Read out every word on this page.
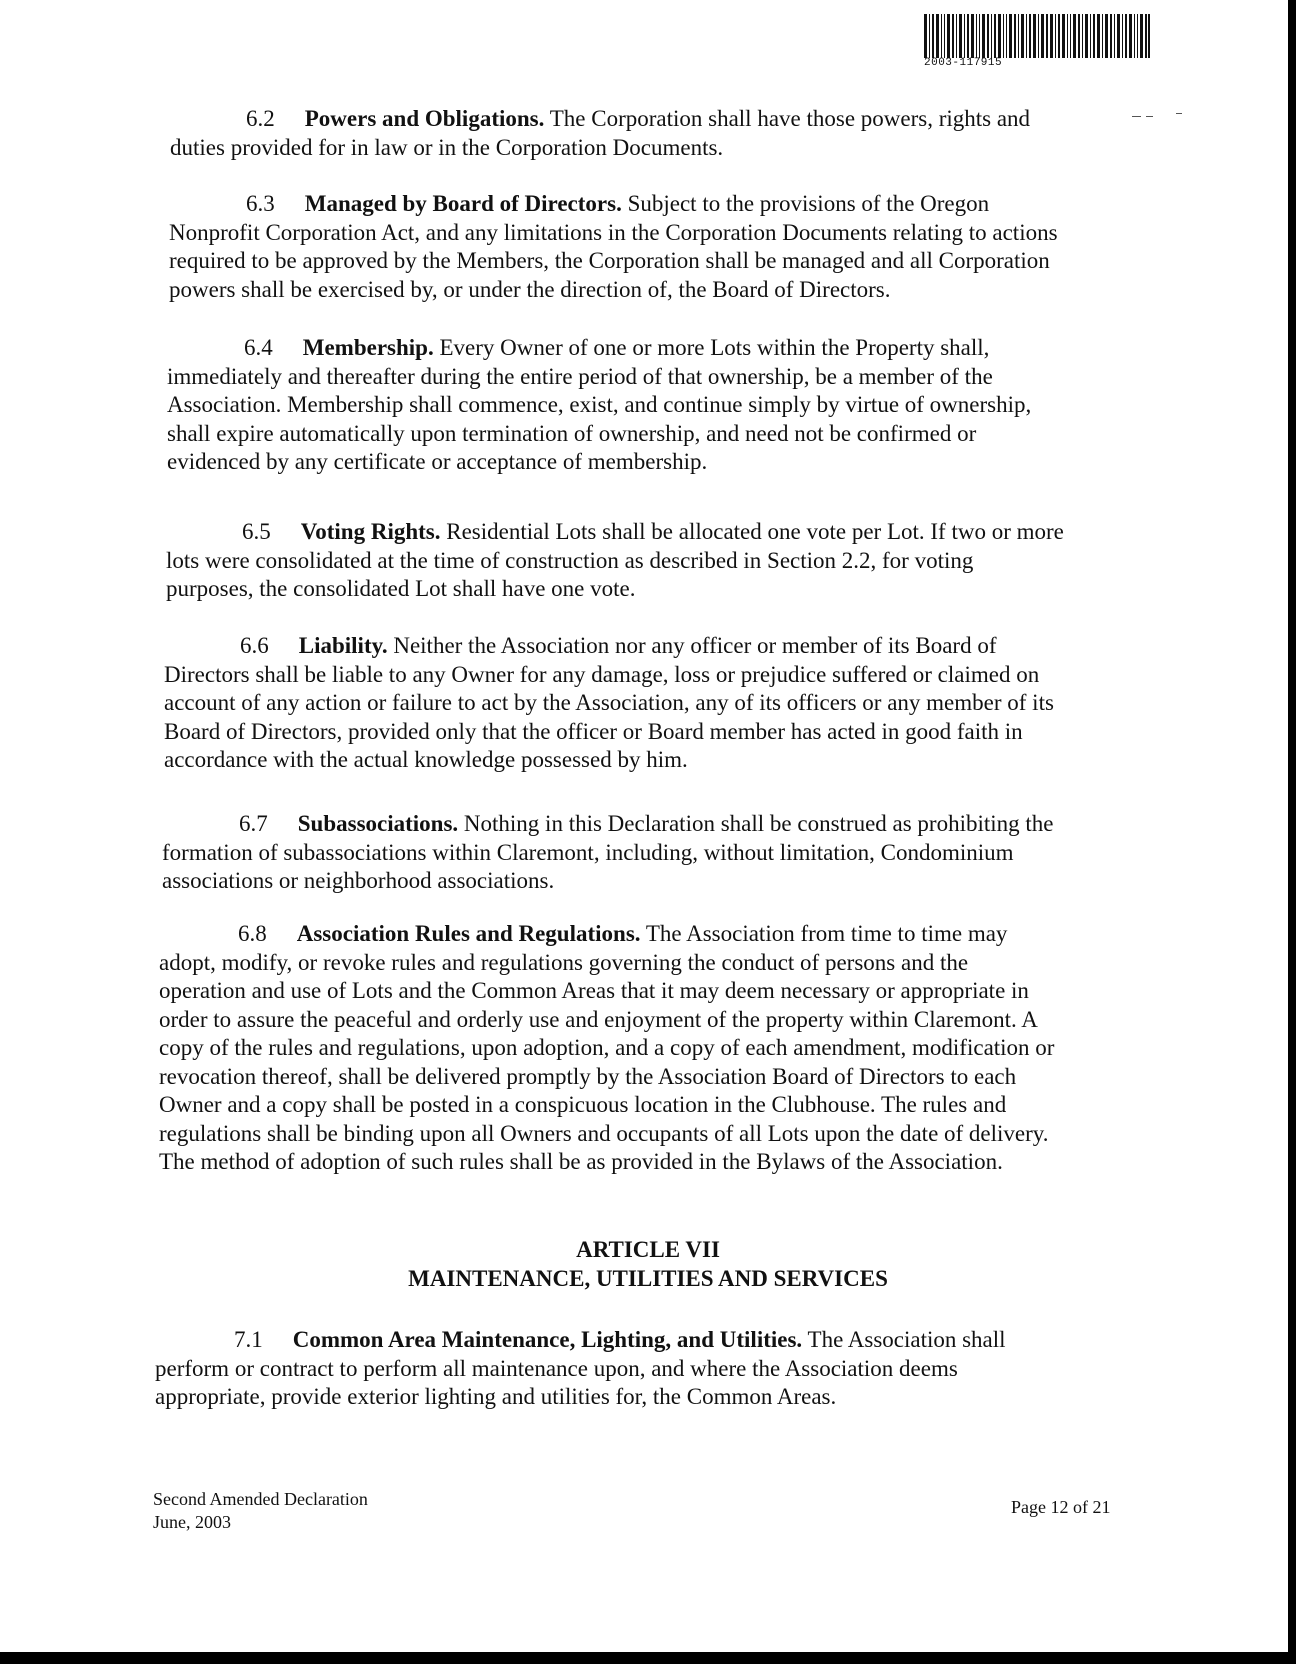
2003-117915
6.2 Powers and Obligations. The Corporation shall have those powers, rights and
duties provided for in law or in the Corporation Documents.
6.3 Managed by Board of Directors. Subject to the provisions of the Oregon
Nonprofit Corporation Act, and any limitations in the Corporation Documents relating to actions
required to be approved by the Members, the Corporation shall be managed and all Corporation
powers shall be exercised by, or under the direction of, the Board of Directors.
6.4 Membership. Every Owner of one or more Lots within the Property shall,
immediately and thereafter during the entire period of that ownership, be a member of the
Association. Membership shall commence, exist, and continue simply by virtue of ownership,
shall expire automatically upon termination of ownership, and need not be confirmed or
evidenced by any certificate or acceptance of membership.
6.5 Voting Rights. Residential Lots shall be allocated one vote per Lot. If two or more
lots were consolidated at the time of construction as described in Section 2.2, for voting
purposes, the consolidated Lot shall have one vote.
6.6 Liability. Neither the Association nor any officer or member of its Board of
Directors shall be liable to any Owner for any damage, loss or prejudice suffered or claimed on
account of any action or failure to act by the Association, any of its officers or any member of its
Board of Directors, provided only that the officer or Board member has acted in good faith in
accordance with the actual knowledge possessed by him.
6.7 Subassociations. Nothing in this Declaration shall be construed as prohibiting the
formation of subassociations within Claremont, including, without limitation, Condominium
associations or neighborhood associations.
6.8 Association Rules and Regulations. The Association from time to time may
adopt, modify, or revoke rules and regulations governing the conduct of persons and the
operation and use of Lots and the Common Areas that it may deem necessary or appropriate in
order to assure the peaceful and orderly use and enjoyment of the property within Claremont. A
copy of the rules and regulations, upon adoption, and a copy of each amendment, modification or
revocation thereof, shall be delivered promptly by the Association Board of Directors to each
Owner and a copy shall be posted in a conspicuous location in the Clubhouse. The rules and
regulations shall be binding upon all Owners and occupants of all Lots upon the date of delivery.
The method of adoption of such rules shall be as provided in the Bylaws of the Association.
ARTICLE VII
MAINTENANCE, UTILITIES AND SERVICES
7.1 Common Area Maintenance, Lighting, and Utilities. The Association shall
perform or contract to perform all maintenance upon, and where the Association deems
appropriate, provide exterior lighting and utilities for, the Common Areas.
Second Amended Declaration
June, 2003
Page 12 of 21
